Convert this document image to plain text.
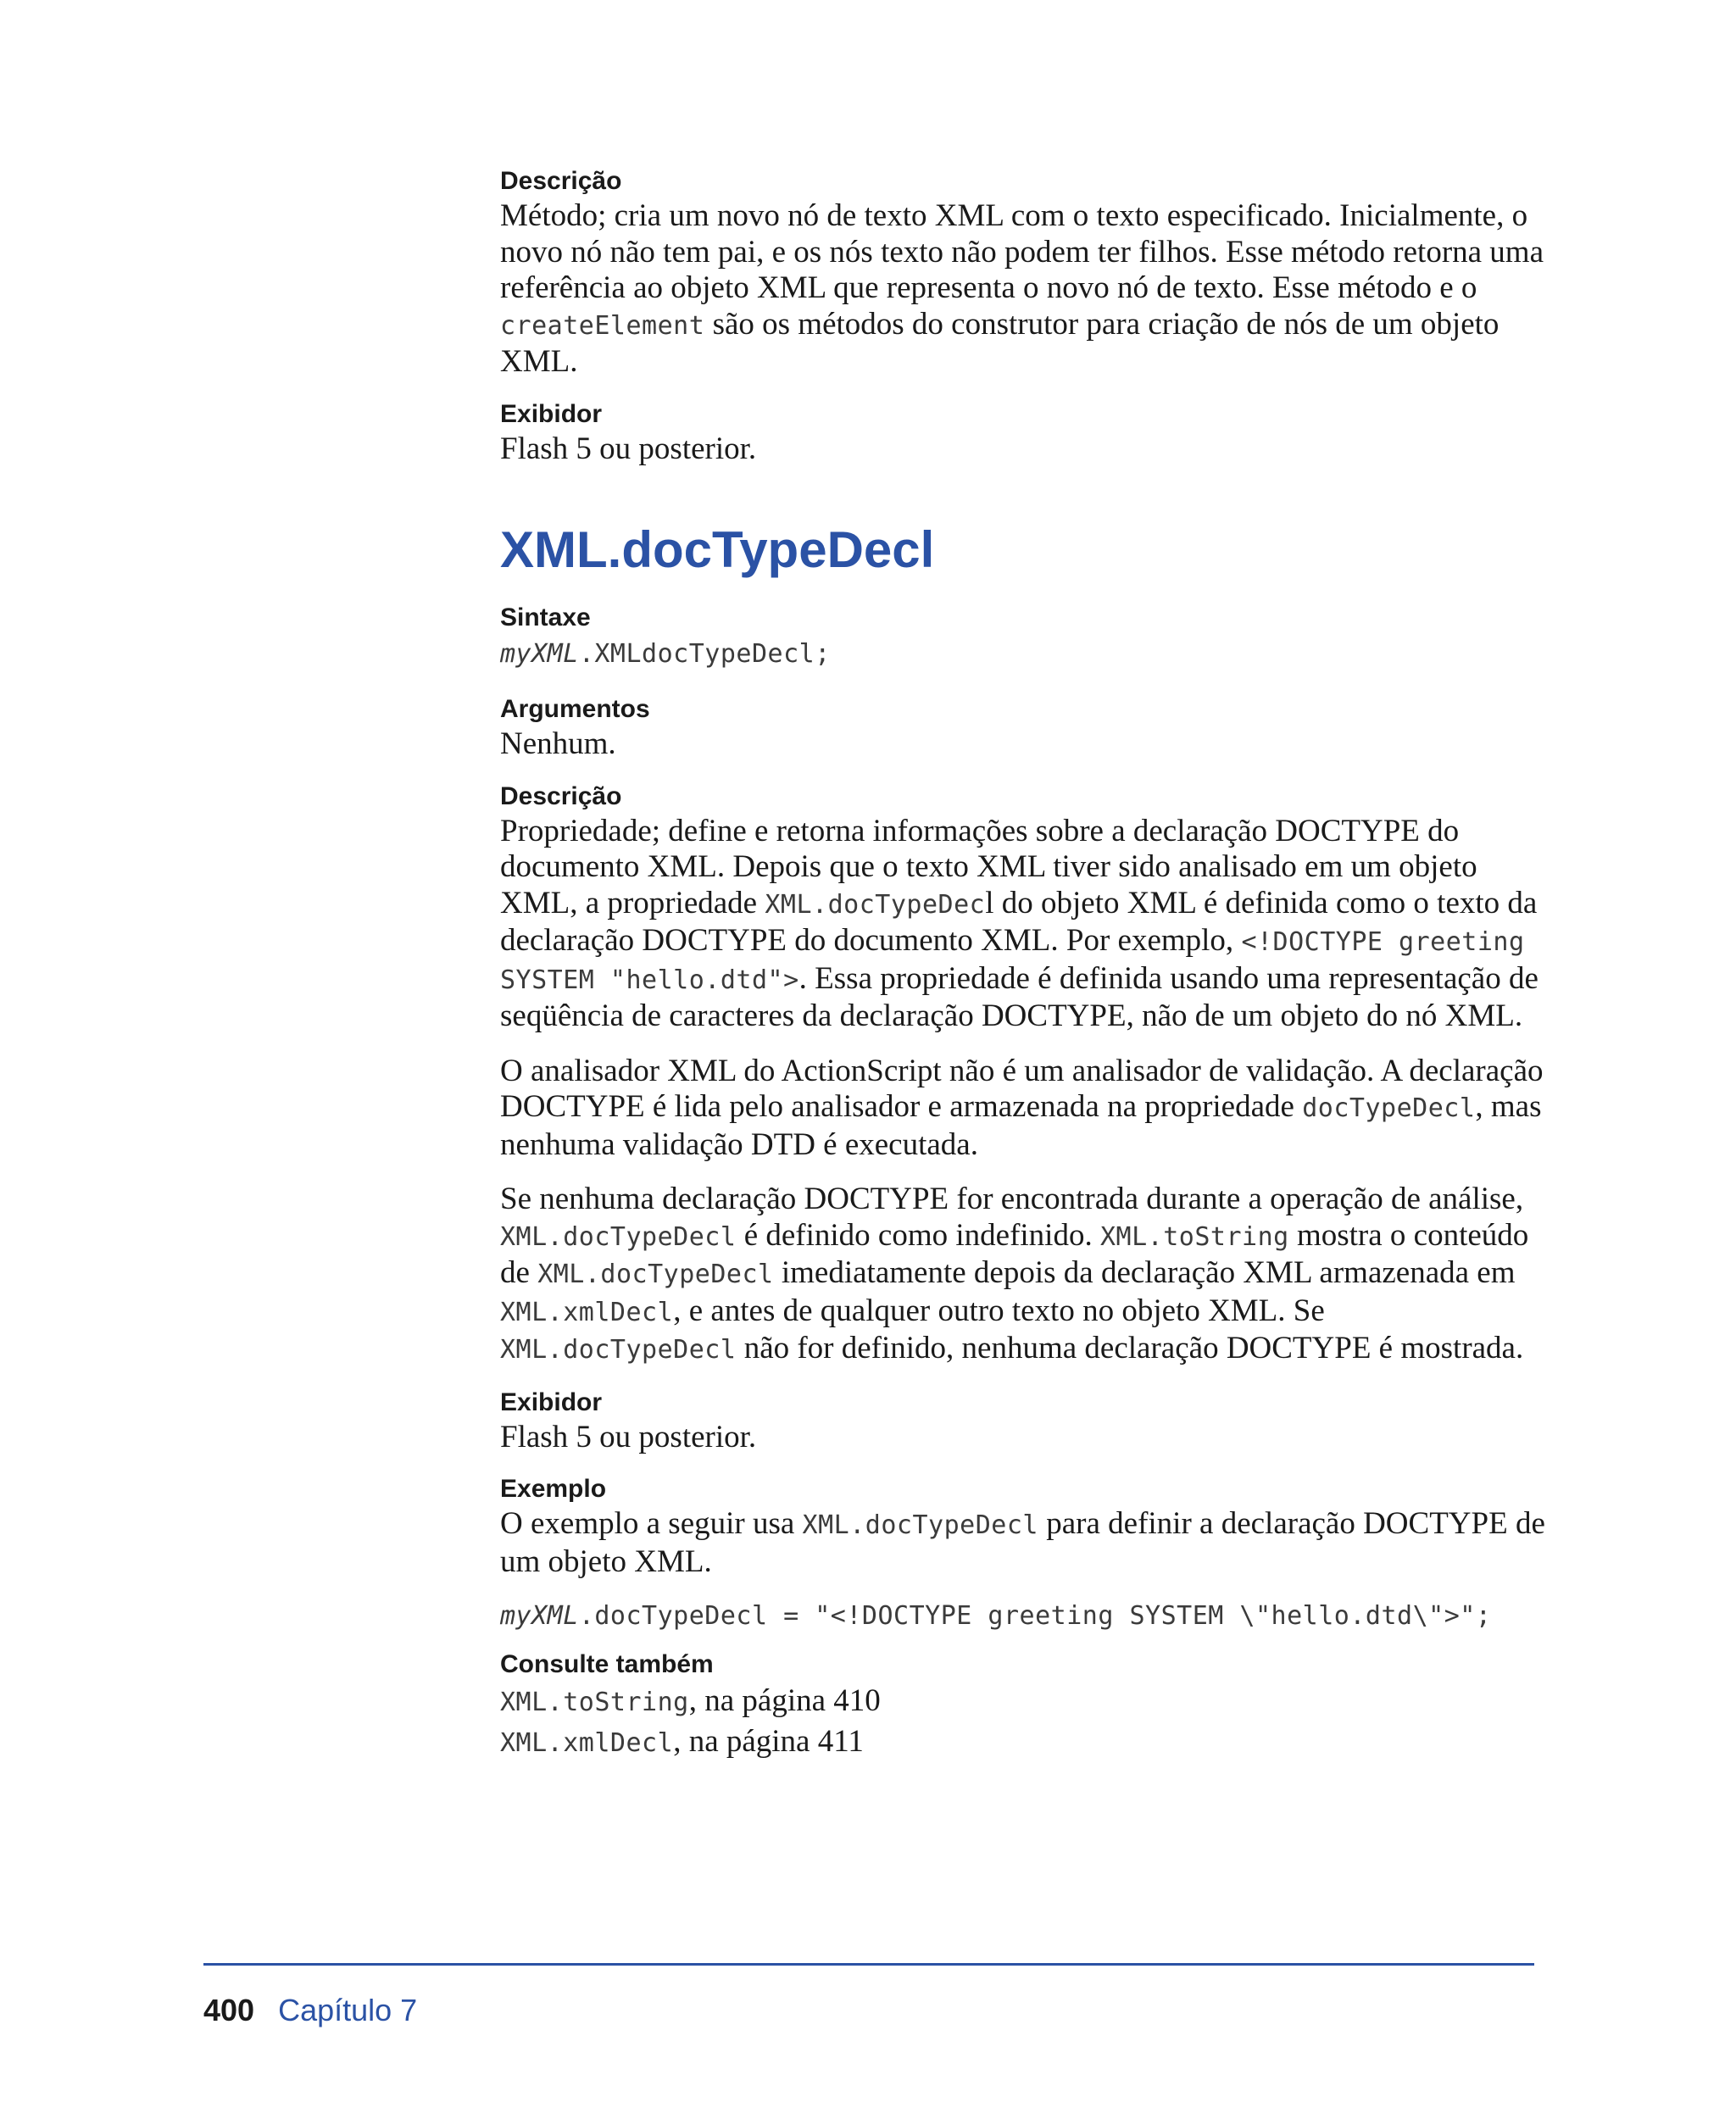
Descrição

Método; cria um novo nó de texto XML com o texto especificado. Inicialmente, o novo nó não tem pai, e os nós texto não podem ter filhos. Esse método retorna uma referência ao objeto XML que representa o novo nó de texto. Esse método e o createElement são os métodos do construtor para criação de nós de um objeto XML.

Exibidor

Flash 5 ou posterior.

XML.docTypeDecl

Sintaxe

myXML.XMLdocTypeDecl;

Argumentos

Nenhum.

Descrição

Propriedade; define e retorna informações sobre a declaração DOCTYPE do documento XML. Depois que o texto XML tiver sido analisado em um objeto XML, a propriedade XML.docTypeDecl do objeto XML é definida como o texto da declaração DOCTYPE do documento XML. Por exemplo, <!DOCTYPE greeting SYSTEM "hello.dtd">. Essa propriedade é definida usando uma representação de seqüência de caracteres da declaração DOCTYPE, não de um objeto do nó XML.

O analisador XML do ActionScript não é um analisador de validação. A declaração DOCTYPE é lida pelo analisador e armazenada na propriedade docTypeDecl, mas nenhuma validação DTD é executada.

Se nenhuma declaração DOCTYPE for encontrada durante a operação de análise, XML.docTypeDecl é definido como indefinido. XML.toString mostra o conteúdo de XML.docTypeDecl imediatamente depois da declaração XML armazenada em XML.xmlDecl, e antes de qualquer outro texto no objeto XML. Se XML.docTypeDecl não for definido, nenhuma declaração DOCTYPE é mostrada.

Exibidor

Flash 5 ou posterior.

Exemplo

O exemplo a seguir usa XML.docTypeDecl para definir a declaração DOCTYPE de um objeto XML.

myXML.docTypeDecl = "<!DOCTYPE greeting SYSTEM \"hello.dtd\">";

Consulte também

XML.toString, na página 410

XML.xmlDecl, na página 411

400 Capítulo 7
